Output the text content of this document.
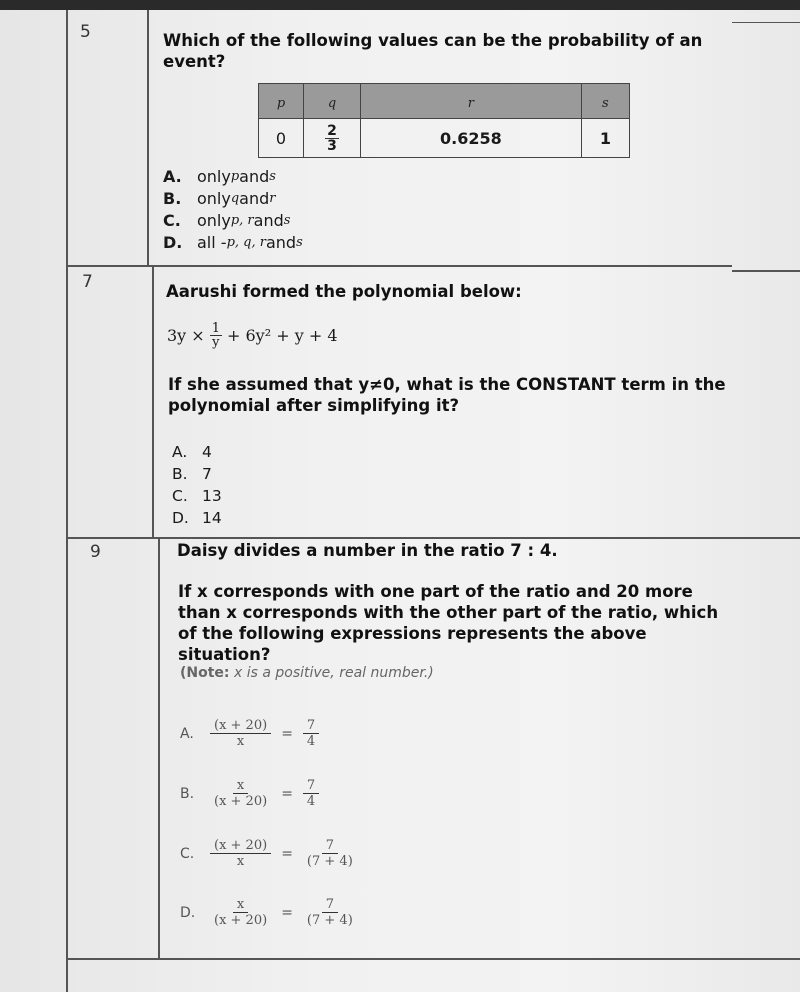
5	Which of the following values can be the probability of an event?
p	q	r	s
0	$\frac{2}{3}$	0.6258	1
A. only p and s
B. only q and r
C.	only p, r and s
D. all - p, q, r and s
7	Aarushi formed the polynomial below:
$3y \times \frac{1}{y} + 6y^2 + y + 4$
If she assumed that y≠0, what is the CONSTANT term in the polynomial after simplifying it?
A. 4
B. 7
C. 13
D. 14
9	Daisy divides a number in the ratio 7 : 4.
If x corresponds with one part of the ratio and 20 more than x corresponds with the other part of the ratio, which of the following expressions represents the above situation?
(Note: x is a positive, real number.)
A.	$\frac{(x + 20)}{x} = \frac{7}{4}$
B.	$\frac{x}{(x + 20)} = \frac{7}{4}$
C.	$\frac{(x + 20)}{x} = \frac{7}{(7 + 4)}$
D.	$\frac{x}{(x + 20)} = \frac{7}{(7 + 4)}$
